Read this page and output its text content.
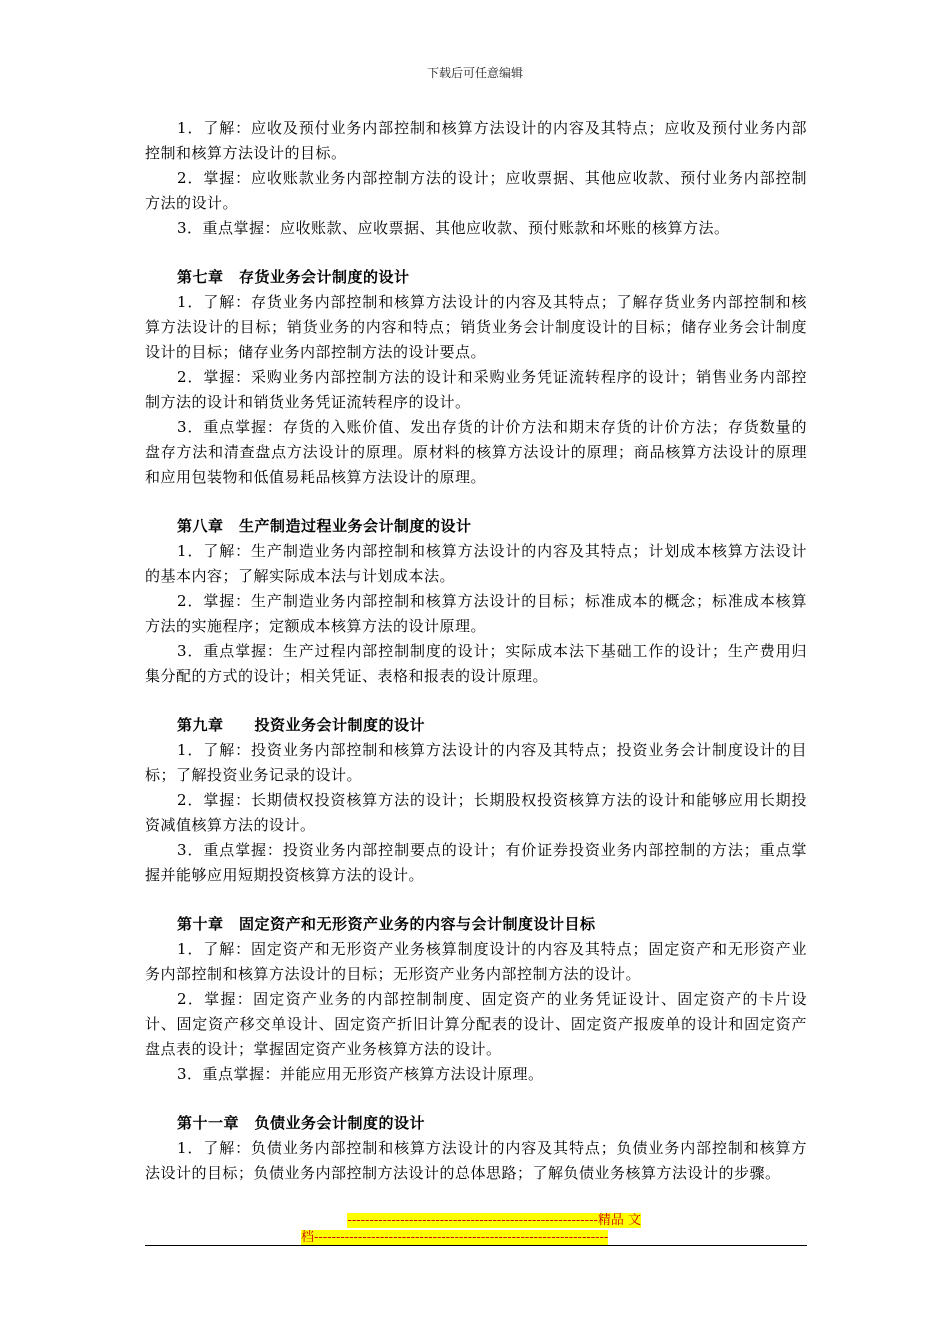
下载后可任意编辑

1．了解：应收及预付业务内部控制和核算方法设计的内容及其特点；应收及预付业务内部控制和核算方法设计的目标。

2．掌握：应收账款业务内部控制方法的设计；应收票据、其他应收款、预付业务内部控制方法的设计。

3．重点掌握：应收账款、应收票据、其他应收款、预付账款和坏账的核算方法。

第七章　存货业务会计制度的设计

1．了解：存货业务内部控制和核算方法设计的内容及其特点；了解存货业务内部控制和核算方法设计的目标；销货业务的内容和特点；销货业务会计制度设计的目标；储存业务会计制度设计的目标；储存业务内部控制方法的设计要点。

2．掌握：采购业务内部控制方法的设计和采购业务凭证流转程序的设计；销售业务内部控制方法的设计和销货业务凭证流转程序的设计。

3．重点掌握：存货的入账价值、发出存货的计价方法和期末存货的计价方法；存货数量的盘存方法和清查盘点方法设计的原理。原材料的核算方法设计的原理；商品核算方法设计的原理和应用包装物和低值易耗品核算方法设计的原理。

第八章　生产制造过程业务会计制度的设计

1．了解：生产制造业务内部控制和核算方法设计的内容及其特点；计划成本核算方法设计的基本内容；了解实际成本法与计划成本法。

2．掌握：生产制造业务内部控制和核算方法设计的目标；标准成本的概念；标准成本核算方法的实施程序；定额成本核算方法的设计原理。

3．重点掌握：生产过程内部控制制度的设计；实际成本法下基础工作的设计；生产费用归集分配的方式的设计；相关凭证、表格和报表的设计原理。

第九章　　投资业务会计制度的设计

1．了解：投资业务内部控制和核算方法设计的内容及其特点；投资业务会计制度设计的目标；了解投资业务记录的设计。

2．掌握：长期债权投资核算方法的设计；长期股权投资核算方法的设计和能够应用长期投资减值核算方法的设计。

3．重点掌握：投资业务内部控制要点的设计；有价证券投资业务内部控制的方法；重点掌握并能够应用短期投资核算方法的设计。

第十章　固定资产和无形资产业务的内容与会计制度设计目标

1．了解：固定资产和无形资产业务核算制度设计的内容及其特点；固定资产和无形资产业务内部控制和核算方法设计的目标；无形资产业务内部控制方法的设计。

2．掌握：固定资产业务的内部控制制度、固定资产的业务凭证设计、固定资产的卡片设计、固定资产移交单设计、固定资产折旧计算分配表的设计、固定资产报废单的设计和固定资产盘点表的设计；掌握固定资产业务核算方法的设计。

3．重点掌握：并能应用无形资产核算方法设计原理。

第十一章　负债业务会计制度的设计

1．了解：负债业务内部控制和核算方法设计的内容及其特点；负债业务内部控制和核算方法设计的目标；负债业务内部控制方法设计的总体思路；了解负债业务核算方法设计的步骤。

---------------------------------------------------------精品 文
档-------------------------------------------------------------------
